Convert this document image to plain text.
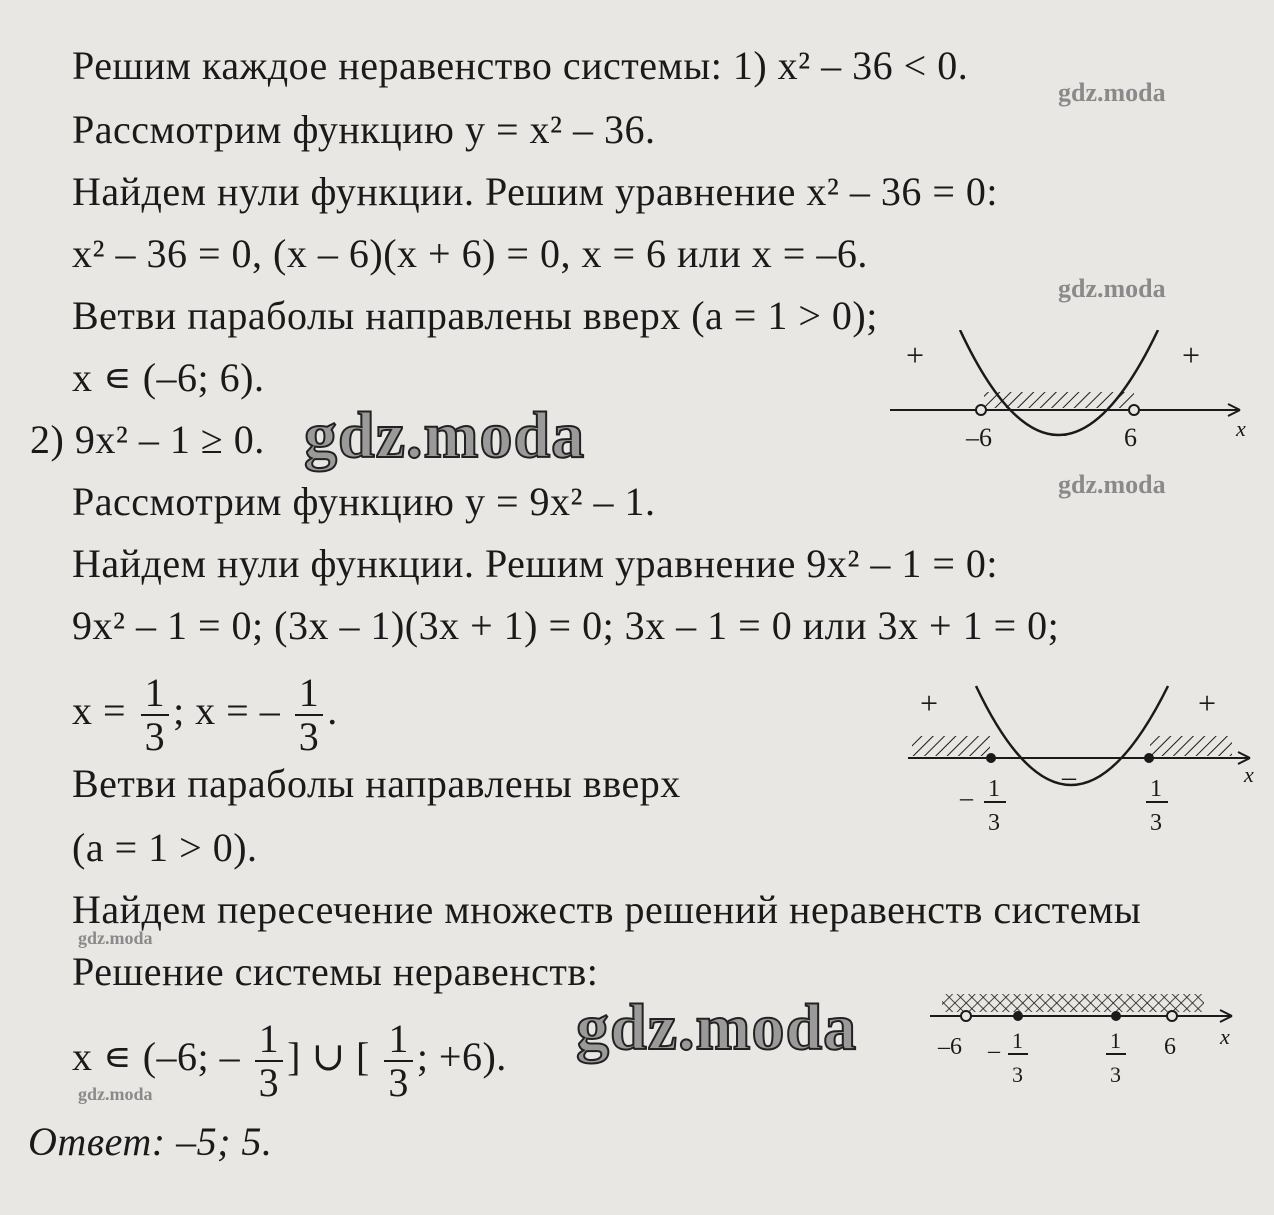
Решим каждое неравенство системы: 1) x² – 36 < 0.
Рассмотрим функцию y = x² – 36.
Найдем нули функции. Решим уравнение x² – 36 = 0:
x² – 36 = 0, (x – 6)(x + 6) = 0, x = 6 или x = –6.
Ветви параболы направлены вверх (a = 1 > 0);
x ∊ (–6; 6).
2) 9x² – 1 ≥ 0.
Рассмотрим функцию y = 9x² – 1.
Найдем нули функции. Решим уравнение 9x² – 1 = 0:
9x² – 1 = 0; (3x – 1)(3x + 1) = 0; 3x – 1 = 0 или 3x + 1 = 0;
$x = \frac{1}{3}$ ; x = – $\frac{1}{3}$ .
Ветви параболы направлены вверх
(a = 1 > 0).
Найдем пересечение множеств решений неравенств системы
Решение системы неравенств:
x ∊ (–6; – $\frac{1}{3}$ ] ∪ [ $\frac{1}{3}$ ; +6).
Ответ: –5; 5.
gdz.moda
gdz.moda
gdz.moda
gdz.moda
gdz.moda
gdz.moda
gdz.moda
+	+
–
–6	6	x
+	+
–
– 1
3
1
3
x
–6 – 1
3
1
3
6 x
